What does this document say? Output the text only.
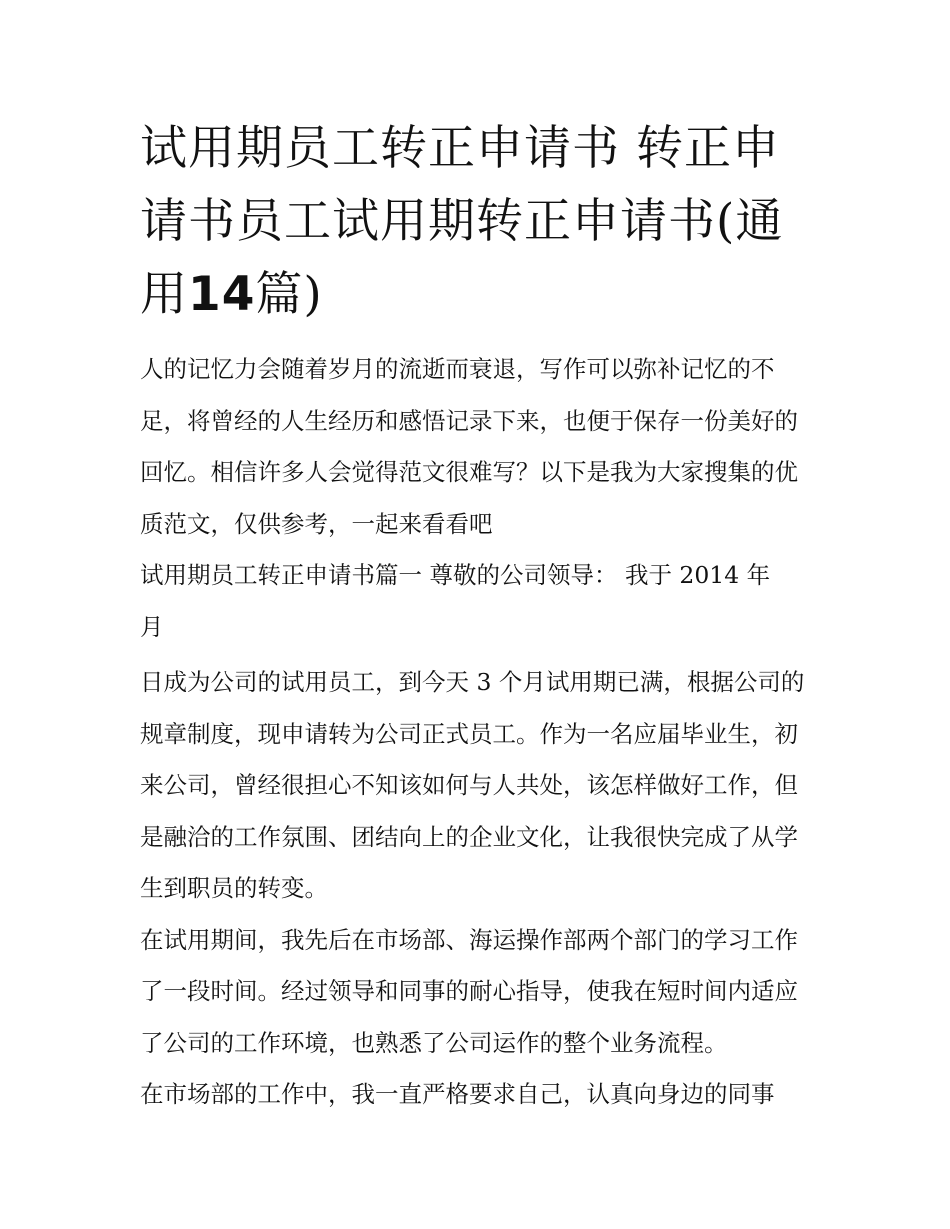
试用期员工转正申请书 转正申请书员工试用期转正申请书(通用14篇)

人的记忆力会随着岁月的流逝而衰退，写作可以弥补记忆的不足，将曾经的人生经历和感悟记录下来，也便于保存一份美好的回忆。相信许多人会觉得范文很难写？以下是我为大家搜集的优质范文，仅供参考，一起来看看吧

试用期员工转正申请书篇一 尊敬的公司领导： 我于 2014 年

月

日成为公司的试用员工，到今天 3 个月试用期已满，根据公司的规章制度，现申请转为公司正式员工。作为一名应届毕业生，初来公司，曾经很担心不知该如何与人共处，该怎样做好工作，但是融洽的工作氛围、团结向上的企业文化，让我很快完成了从学生到职员的转变。

在试用期间，我先后在市场部、海运操作部两个部门的学习工作了一段时间。经过领导和同事的耐心指导，使我在短时间内适应了公司的工作环境，也熟悉了公司运作的整个业务流程。

在市场部的工作中，我一直严格要求自己，认真向身边的同事
